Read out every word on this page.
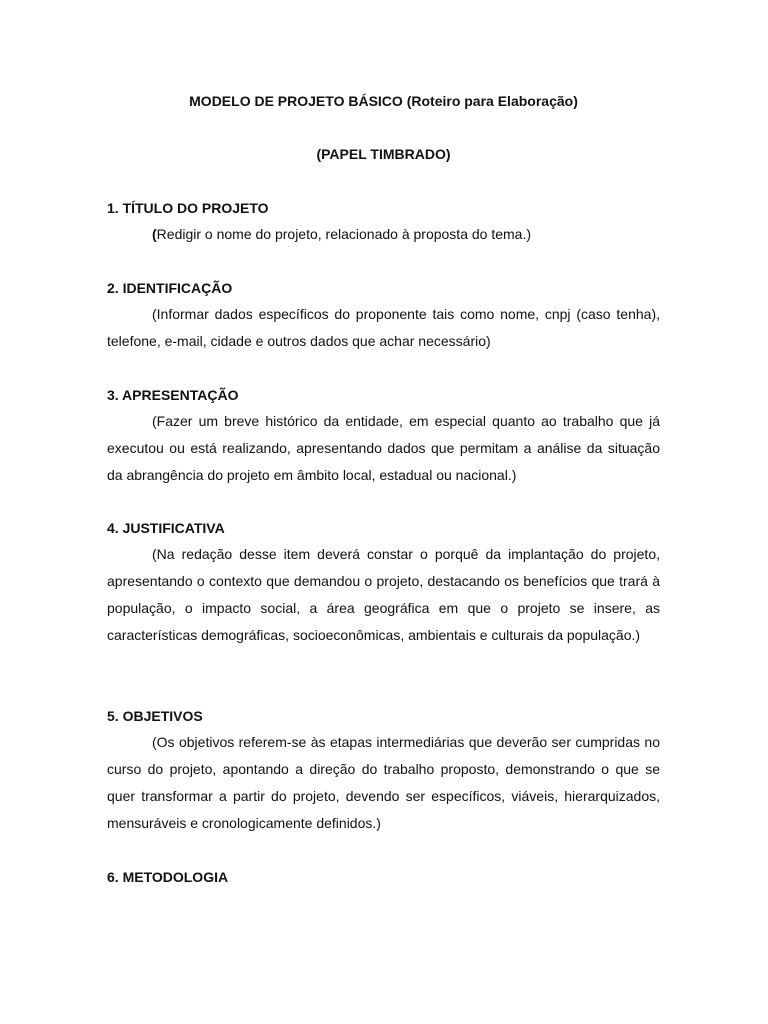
MODELO DE PROJETO BÁSICO (Roteiro para Elaboração)

(PAPEL TIMBRADO)

1. TÍTULO DO PROJETO

(Redigir o nome do projeto, relacionado à proposta do tema.)

2. IDENTIFICAÇÃO

(Informar dados específicos do proponente tais como nome, cnpj (caso tenha), telefone, e-mail, cidade e outros dados que achar necessário)

3. APRESENTAÇÃO

(Fazer um breve histórico da entidade, em especial quanto ao trabalho que já executou ou está realizando, apresentando dados que permitam a análise da situação da abrangência do projeto em âmbito local, estadual ou nacional.)

4. JUSTIFICATIVA

(Na redação desse item deverá constar o porquê da implantação do projeto, apresentando o contexto que demandou o projeto, destacando os benefícios que trará à população, o impacto social, a área geográfica em que o projeto se insere, as características demográficas, socioeconômicas, ambientais e culturais da população.)

5. OBJETIVOS

(Os objetivos referem-se às etapas intermediárias que deverão ser cumpridas no curso do projeto, apontando a direção do trabalho proposto, demonstrando o que se quer transformar a partir do projeto, devendo ser específicos, viáveis, hierarquizados, mensuráveis e cronologicamente definidos.)

6. METODOLOGIA
